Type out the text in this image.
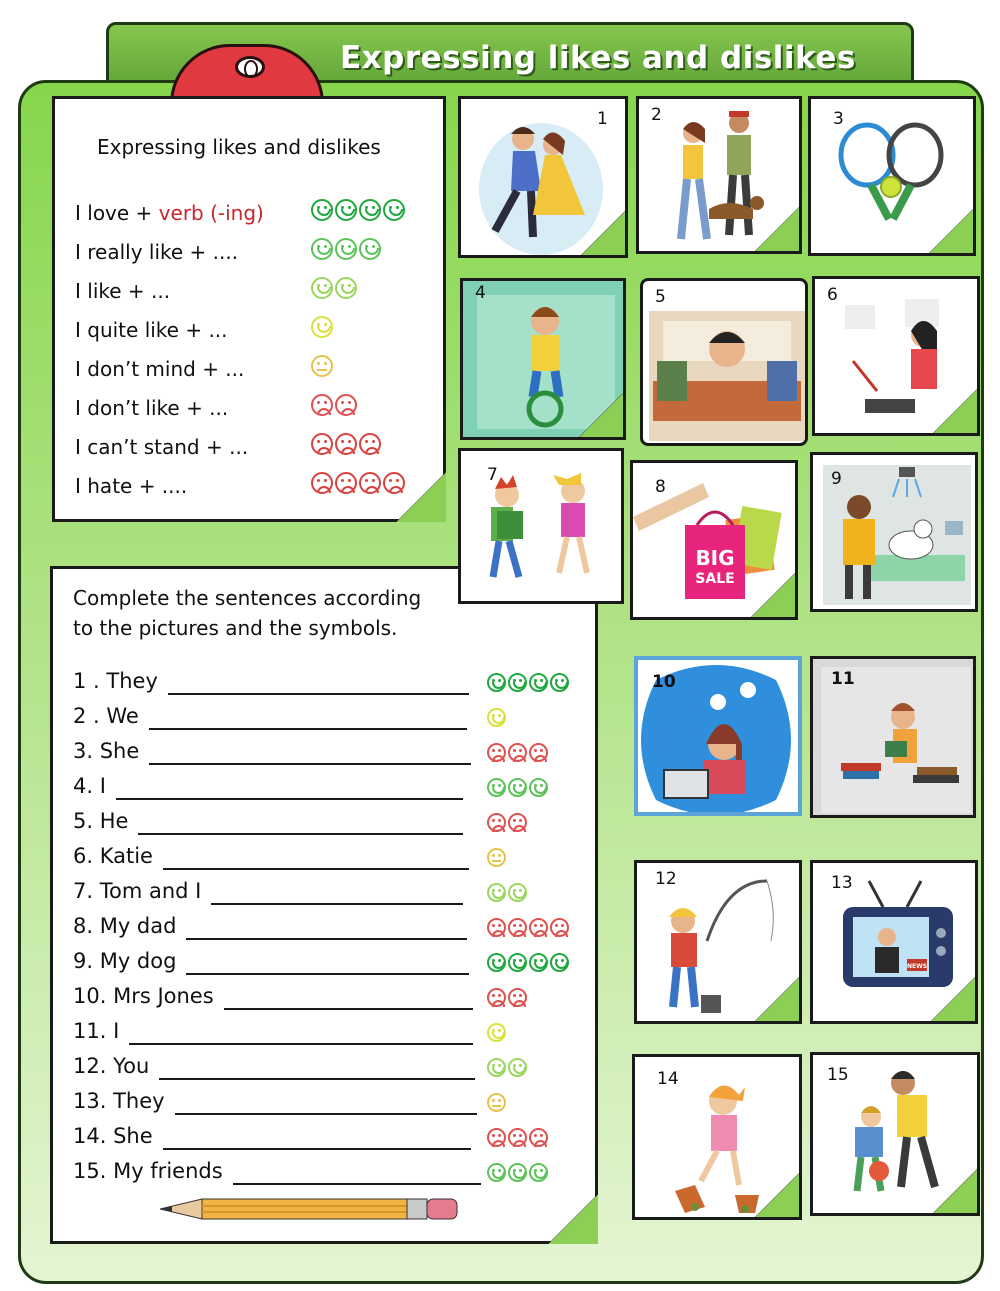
Expressing likes and dislikes
Expressing likes and dislikes
I love + verb (-ing)
I really like + ....
I like + ...
I quite like + ...
I don’t mind + ...
I don’t like + ...
I can’t stand + ...
I hate + ....
Complete the sentences according
to the pictures and the symbols.
1 . They
2 . We
3. She
4. I
5. He
6. Katie
7. Tom and I
8. My dad
9. My dog
10. Mrs Jones
11. I
12. You
13. They
14. She
15. My friends
1	2	3
4	5	6
7
8
BIG
SALE
9
10	11
12	13
NEWS
14	15
